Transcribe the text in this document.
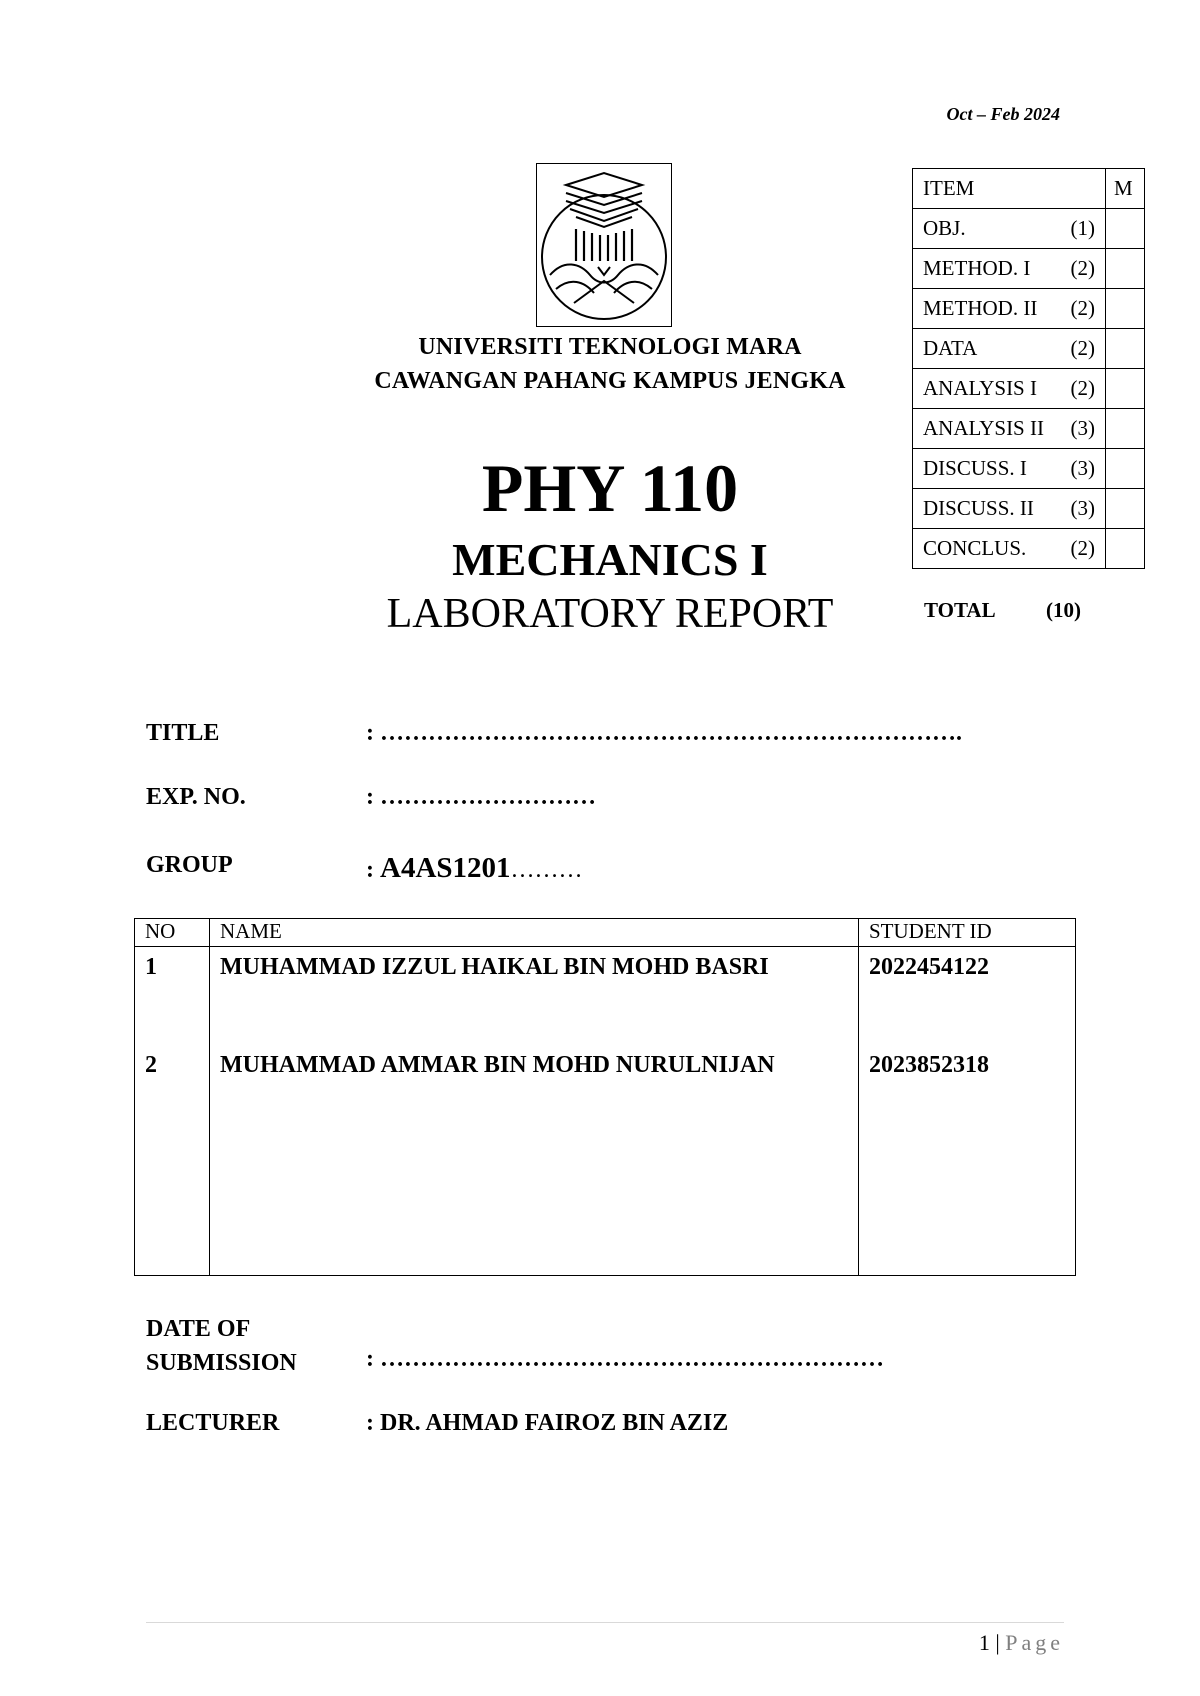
Oct – Feb 2024
UNIVERSITI TEKNOLOGI MARA
CAWANGAN PAHANG KAMPUS JENGKA
PHY 110
MECHANICS I
LABORATORY REPORT
ITEM	M

OBJ. (1)	

METHOD. I (2)	

METHOD. II (2)	

DATA (2)	

ANALYSIS I (2)	

ANALYSIS II (3)	

DISCUSS. I (3)	

DISCUSS. II (3)	

CONCLUS. (2)	

TOTAL	(10)
TITLE	: ……………………………………………………………….
EXP. NO.	: ………………………
GROUP	: A4AS1201………
NO	NAME	STUDENT ID
1	MUHAMMAD IZZUL HAIKAL BIN MOHD BASRI	2022454122
2	MUHAMMAD AMMAR BIN MOHD NURULNIJAN	2023852318
DATE OF
SUBMISSION	: ………………………………………………………
LECTURER	: DR. AHMAD FAIROZ BIN AZIZ
1 | Page
